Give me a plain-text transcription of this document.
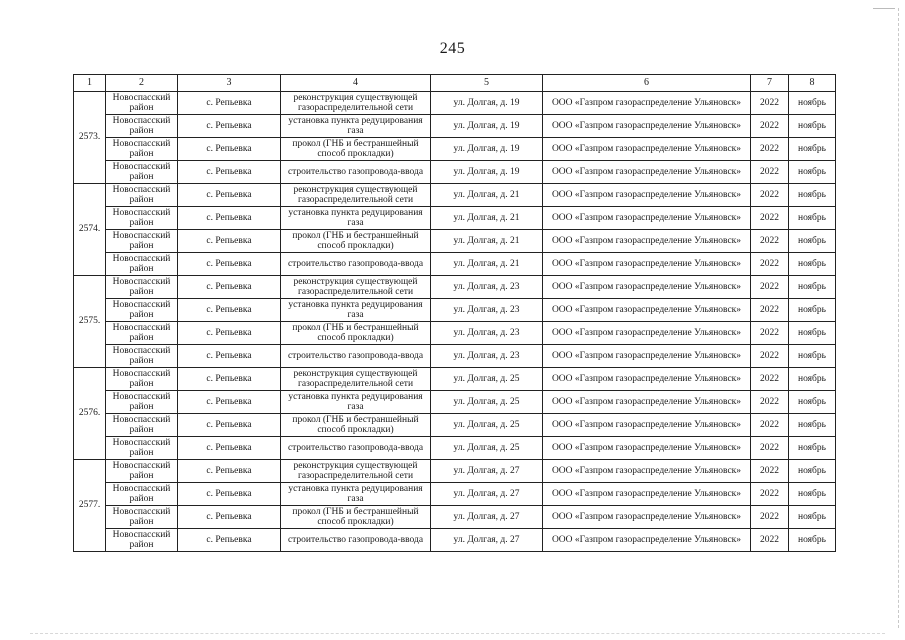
245
1	2	3	4	5	6	7	8
2573.	Новоспасский район	с. Репьевка	реконструкция существующей газораспределительной сети	ул. Долгая, д. 19	ООО «Газпром газораспределение Ульяновск»	2022	ноябрь
	Новоспасский район	с. Репьевка	установка пункта редуцирования газа	ул. Долгая, д. 19	ООО «Газпром газораспределение Ульяновск»	2022	ноябрь
	Новоспасский район	с. Репьевка	прокол (ГНБ и бестраншейный способ прокладки)	ул. Долгая, д. 19	ООО «Газпром газораспределение Ульяновск»	2022	ноябрь
	Новоспасский район	с. Репьевка	строительство газопровода-ввода	ул. Долгая, д. 19	ООО «Газпром газораспределение Ульяновск»	2022	ноябрь
2574.	Новоспасский район	с. Репьевка	реконструкция существующей газораспределительной сети	ул. Долгая, д. 21	ООО «Газпром газораспределение Ульяновск»	2022	ноябрь
	Новоспасский район	с. Репьевка	установка пункта редуцирования газа	ул. Долгая, д. 21	ООО «Газпром газораспределение Ульяновск»	2022	ноябрь
	Новоспасский район	с. Репьевка	прокол (ГНБ и бестраншейный способ прокладки)	ул. Долгая, д. 21	ООО «Газпром газораспределение Ульяновск»	2022	ноябрь
	Новоспасский район	с. Репьевка	строительство газопровода-ввода	ул. Долгая, д. 21	ООО «Газпром газораспределение Ульяновск»	2022	ноябрь
2575.	Новоспасский район	с. Репьевка	реконструкция существующей газораспределительной сети	ул. Долгая, д. 23	ООО «Газпром газораспределение Ульяновск»	2022	ноябрь
	Новоспасский район	с. Репьевка	установка пункта редуцирования газа	ул. Долгая, д. 23	ООО «Газпром газораспределение Ульяновск»	2022	ноябрь
	Новоспасский район	с. Репьевка	прокол (ГНБ и бестраншейный способ прокладки)	ул. Долгая, д. 23	ООО «Газпром газораспределение Ульяновск»	2022	ноябрь
	Новоспасский район	с. Репьевка	строительство газопровода-ввода	ул. Долгая, д. 23	ООО «Газпром газораспределение Ульяновск»	2022	ноябрь
2576.	Новоспасский район	с. Репьевка	реконструкция существующей газораспределительной сети	ул. Долгая, д. 25	ООО «Газпром газораспределение Ульяновск»	2022	ноябрь
	Новоспасский район	с. Репьевка	установка пункта редуцирования газа	ул. Долгая, д. 25	ООО «Газпром газораспределение Ульяновск»	2022	ноябрь
	Новоспасский район	с. Репьевка	прокол (ГНБ и бестраншейный способ прокладки)	ул. Долгая, д. 25	ООО «Газпром газораспределение Ульяновск»	2022	ноябрь
	Новоспасский район	с. Репьевка	строительство газопровода-ввода	ул. Долгая, д. 25	ООО «Газпром газораспределение Ульяновск»	2022	ноябрь
2577.	Новоспасский район	с. Репьевка	реконструкция существующей газораспределительной сети	ул. Долгая, д. 27	ООО «Газпром газораспределение Ульяновск»	2022	ноябрь
	Новоспасский район	с. Репьевка	установка пункта редуцирования газа	ул. Долгая, д. 27	ООО «Газпром газораспределение Ульяновск»	2022	ноябрь
	Новоспасский район	с. Репьевка	прокол (ГНБ и бестраншейный способ прокладки)	ул. Долгая, д. 27	ООО «Газпром газораспределение Ульяновск»	2022	ноябрь
	Новоспасский район	с. Репьевка	строительство газопровода-ввода	ул. Долгая, д. 27	ООО «Газпром газораспределение Ульяновск»	2022	ноябрь
